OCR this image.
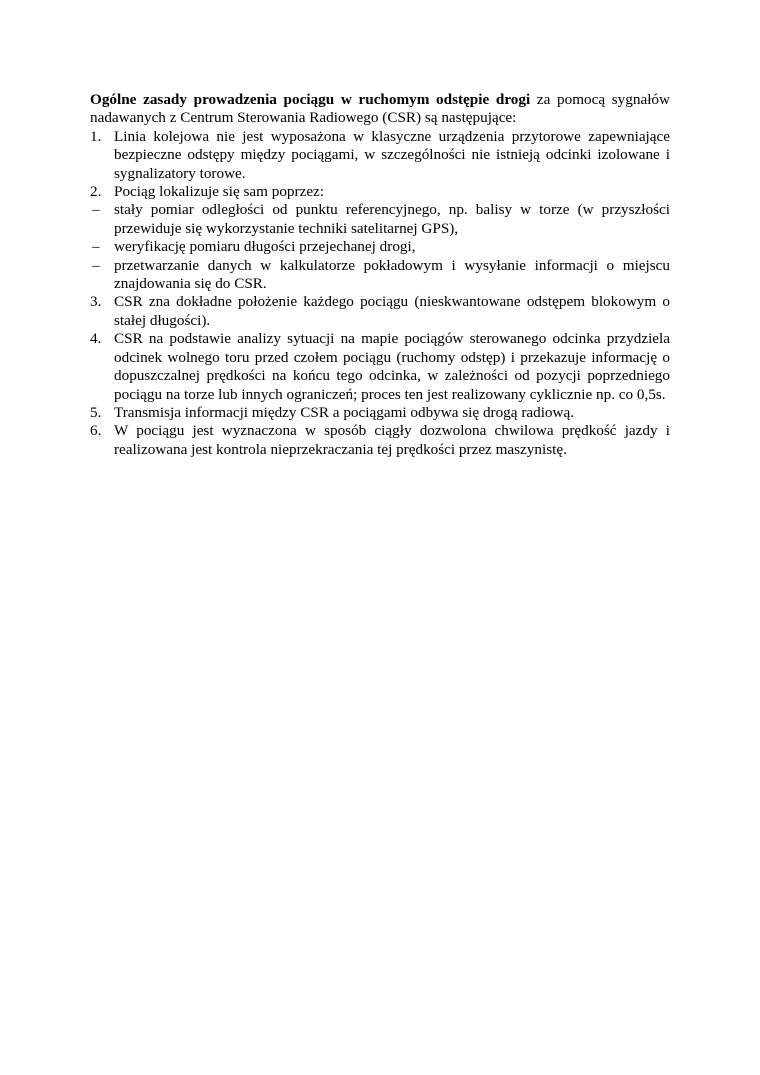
Ogólne zasady prowadzenia pociągu w ruchomym odstępie drogi za pomocą sygnałów nadawanych z Centrum Sterowania Radiowego (CSR) są następujące:

1. Linia kolejowa nie jest wyposażona w klasyczne urządzenia przytorowe zapewniające bezpieczne odstępy między pociągami, w szczególności nie istnieją odcinki izolowane i sygnalizatory torowe.
2. Pociąg lokalizuje się sam poprzez:
– stały pomiar odległości od punktu referencyjnego, np. balisy w torze (w przyszłości przewiduje się wykorzystanie techniki satelitarnej GPS),
– weryfikację pomiaru długości przejechanej drogi,
– przetwarzanie danych w kalkulatorze pokładowym i wysyłanie informacji o miejscu znajdowania się do CSR.
3. CSR zna dokładne położenie każdego pociągu (nieskwantowane odstępem blokowym o stałej długości).
4. CSR na podstawie analizy sytuacji na mapie pociągów sterowanego odcinka przydziela odcinek wolnego toru przed czołem pociągu (ruchomy odstęp) i przekazuje informację o dopuszczalnej prędkości na końcu tego odcinka, w zależności od pozycji poprzedniego pociągu na torze lub innych ograniczeń; proces ten jest realizowany cyklicznie np. co 0,5s.
5. Transmisja informacji między CSR a pociągami odbywa się drogą radiową.
6. W pociągu jest wyznaczona w sposób ciągły dozwolona chwilowa prędkość jazdy i realizowana jest kontrola nieprzekraczania tej prędkości przez maszynistę.
